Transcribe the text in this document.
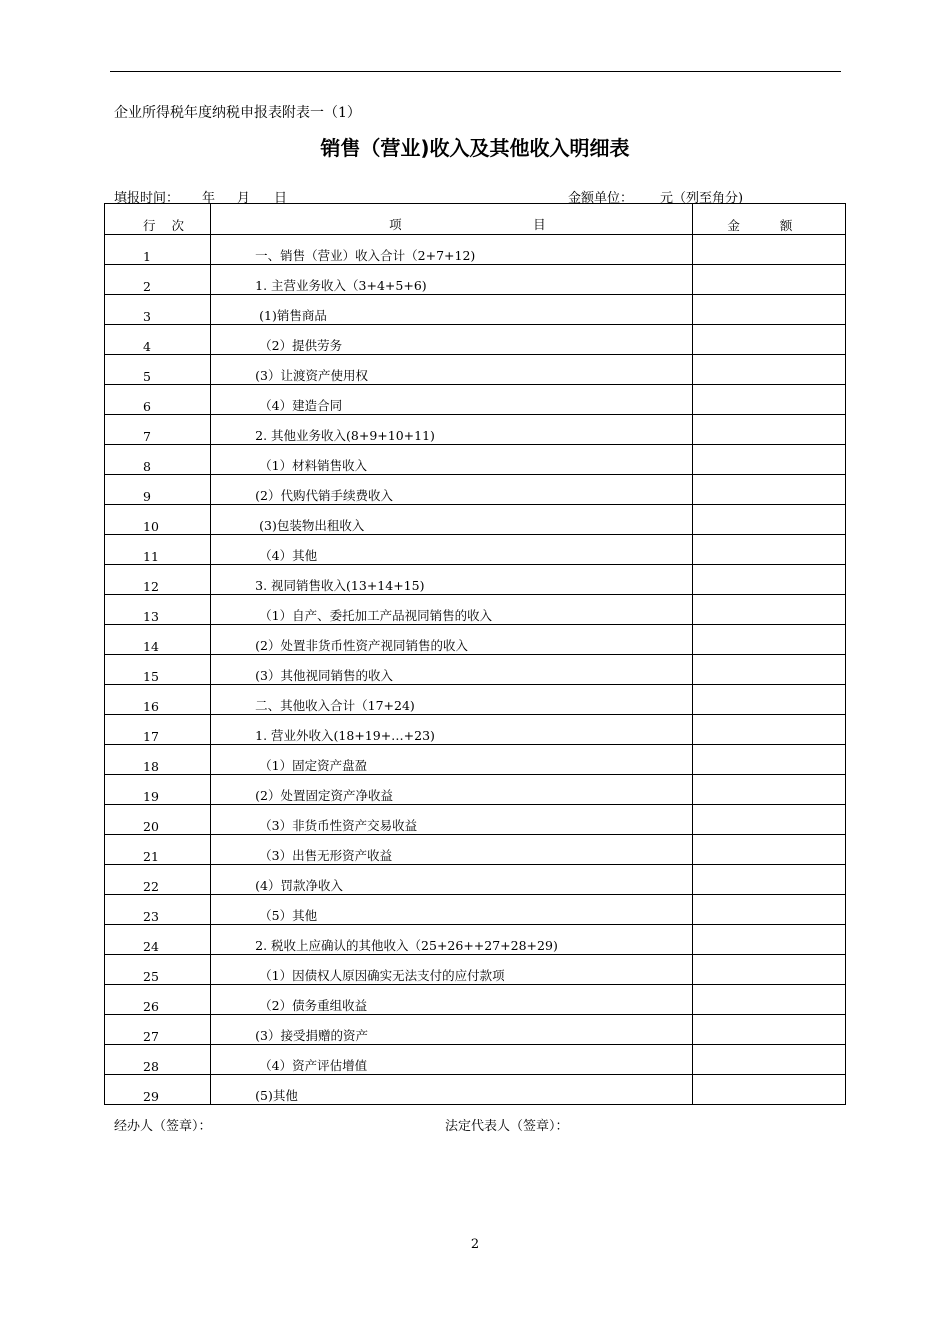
企业所得税年度纳税申报表附表一（1）
销售（营业)收入及其他收入明细表
填报时间： 年 月 日	金额单位： 元（列至角分)
行 次	项 目	金 额
1	一、销售（营业）收入合计（2+7+12)	
2	1. 主营业务收入（3+4+5+6)	
3	(1)销售商品	
4	（2）提供劳务	
5	(3）让渡资产使用权	
6	（4）建造合同	
7	2. 其他业务收入(8+9+10+11)	
8	（1）材料销售收入	
9	(2）代购代销手续费收入	
10	(3)包装物出租收入	
11	（4）其他	
12	3. 视同销售收入(13+14+15)	
13	（1）自产、委托加工产品视同销售的收入	
14	(2）处置非货币性资产视同销售的收入	
15	(3）其他视同销售的收入	
16	二、其他收入合计（17+24)	
17	1. 营业外收入(18+19+…+23)	
18	（1）固定资产盘盈	
19	(2）处置固定资产净收益	
20	（3）非货币性资产交易收益	
21	（3）出售无形资产收益	
22	(4）罚款净收入	
23	（5）其他	
24	2. 税收上应确认的其他收入（25+26++27+28+29)	
25	（1）因债权人原因确实无法支付的应付款项	
26	（2）债务重组收益	
27	(3）接受捐赠的资产	
28	（4）资产评估增值	
29	(5)其他	
经办人（签章）：	法定代表人（签章）：
2
